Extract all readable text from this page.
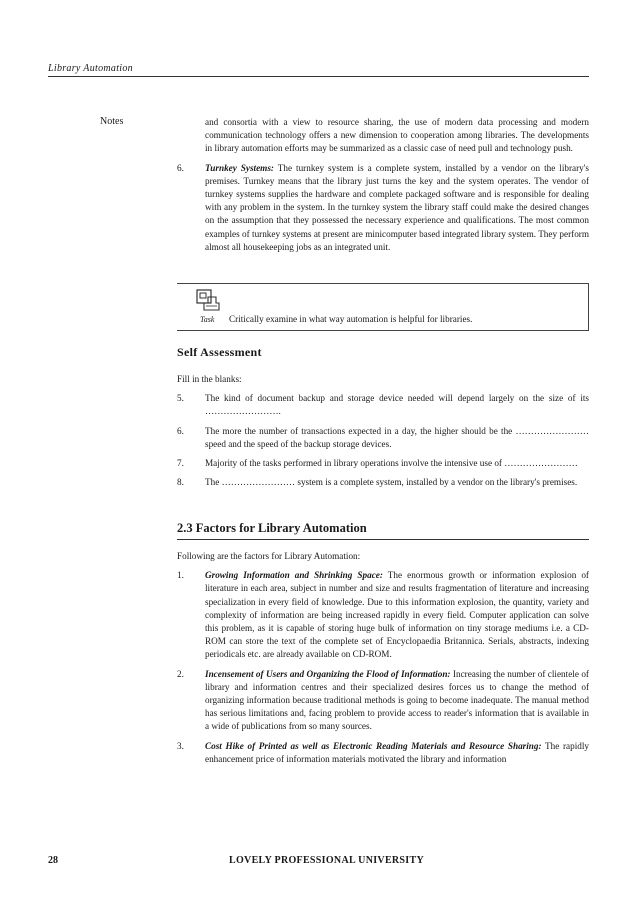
Library Automation
Notes	and consortia with a view to resource sharing, the use of modern data processing and modern communication technology offers a new dimension to cooperation among libraries. The developments in library automation efforts may be summarized as a classic case of need pull and technology push.
6. Turnkey Systems: The turnkey system is a complete system, installed by a vendor on the library's premises. Turnkey means that the library just turns the key and the system operates. The vendor of turnkey systems supplies the hardware and complete packaged software and is responsible for dealing with any problem in the system. In the turnkey system the library staff could make the desired changes on the assumption that they possessed the necessary experience and qualifications. The most common examples of turnkey systems at present are minicomputer based integrated library system. They perform almost all housekeeping jobs as an integrated unit.
Task Critically examine in what way automation is helpful for libraries.
Self Assessment
Fill in the blanks:
5. The kind of document backup and storage device needed will depend largely on the size of its …………………….
6. The more the number of transactions expected in a day, the higher should be the …………………… speed and the speed of the backup storage devices.
7. Majority of the tasks performed in library operations involve the intensive use of ……………………
8. The …………………… system is a complete system, installed by a vendor on the library's premises.
2.3 Factors for Library Automation
Following are the factors for Library Automation:
1. Growing Information and Shrinking Space: The enormous growth or information explosion of literature in each area, subject in number and size and results fragmentation of literature and increasing specialization in every field of knowledge. Due to this information explosion, the quantity, variety and complexity of information are being increased rapidly in every field. Computer application can solve this problem, as it is capable of storing huge bulk of information on tiny storage mediums i.e. a CD-ROM can store the text of the complete set of Encyclopaedia Britannica. Serials, abstracts, indexing periodicals etc. are already available on CD-ROM.
2. Incensement of Users and Organizing the Flood of Information: Increasing the number of clientele of library and information centres and their specialized desires forces us to change the method of organizing information because traditional methods is going to become inadequate. The manual method has serious limitations and, facing problem to provide access to reader's information that is available in a wide of publications from so many sources.
3. Cost Hike of Printed as well as Electronic Reading Materials and Resource Sharing: The rapidly enhancement price of information materials motivated the library and information
28	LOVELY PROFESSIONAL UNIVERSITY
